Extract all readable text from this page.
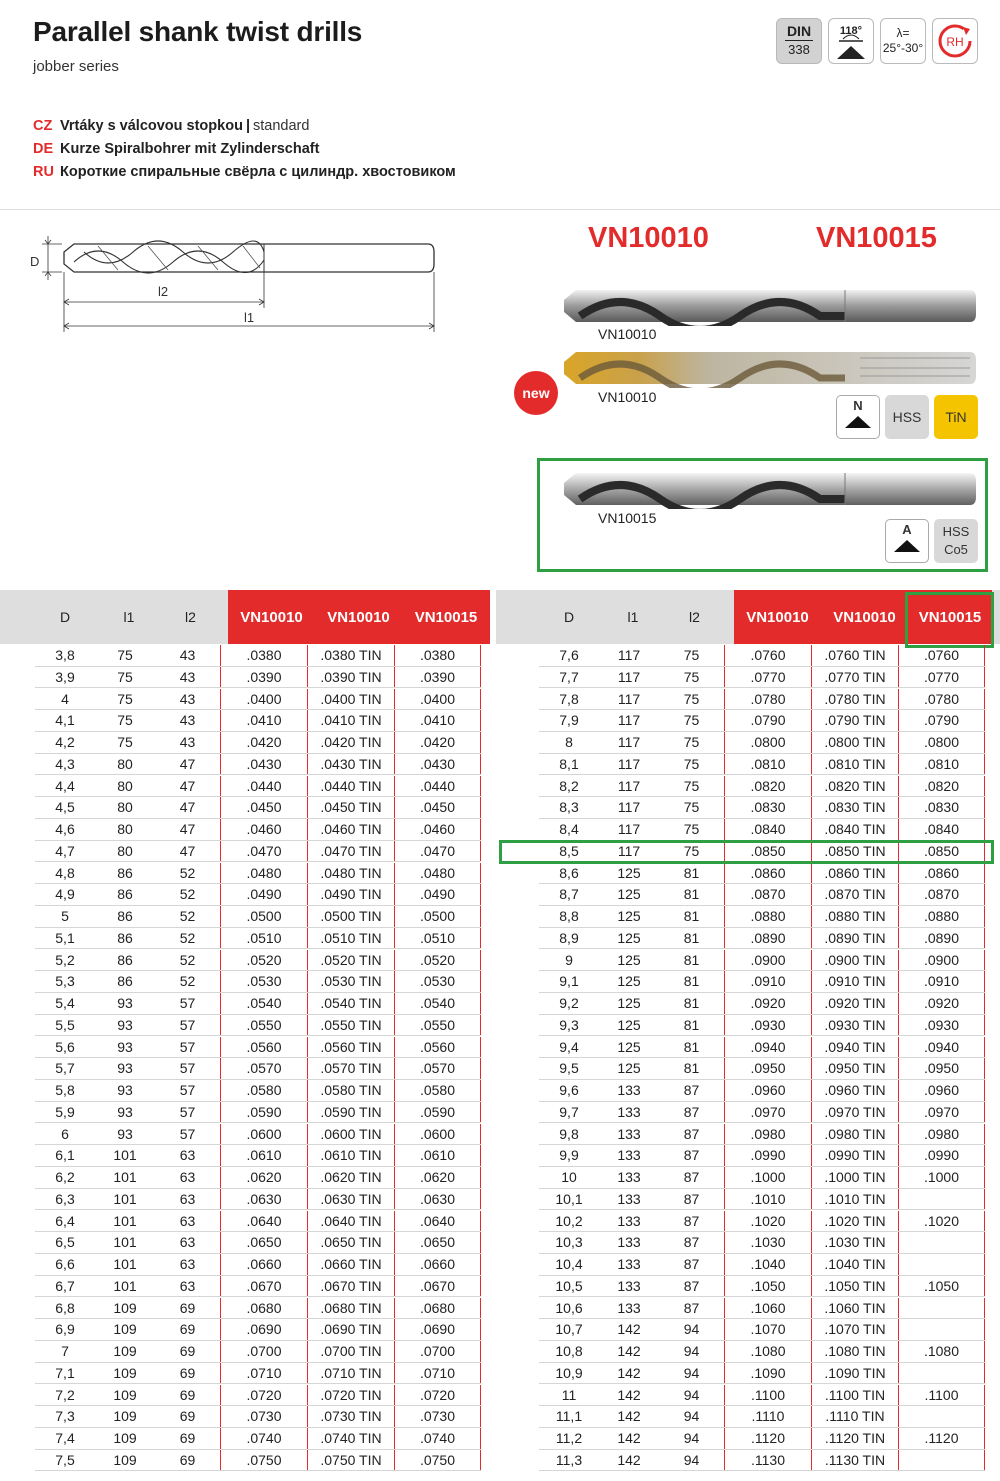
Parallel shank twist drills
jobber series
DIN
338
118°	λ=
25°-30° RH
CZ Vrtáky s válcovou stopkou | standard
DE Kurze Spiralbohrer mit Zylinderschaft
RU Короткие спиральные свёрла с цилиндр. хвостовиком
D
l2
l1
VN10010	VN10015
VN10010
VN10010
new
N
HSS	TiN
VN10015
A HSS
Co5
D	l1	l2	VN10010	VN10010	VN10015	D	l1	l2	VN10010	VN10010	VN10015
3,8	75	43	.0380	.0380 TIN	.0380
3,9	75	43	.0390	.0390 TIN	.0390
4	75	43	.0400	.0400 TIN	.0400
4,1	75	43	.0410	.0410 TIN	.0410
4,2	75	43	.0420	.0420 TIN	.0420
4,3	80	47	.0430	.0430 TIN	.0430
4,4	80	47	.0440	.0440 TIN	.0440
4,5	80	47	.0450	.0450 TIN	.0450
4,6	80	47	.0460	.0460 TIN	.0460
4,7	80	47	.0470	.0470 TIN	.0470
4,8	86	52	.0480	.0480 TIN	.0480
4,9	86	52	.0490	.0490 TIN	.0490
5	86	52	.0500	.0500 TIN	.0500
5,1	86	52	.0510	.0510 TIN	.0510
5,2	86	52	.0520	.0520 TIN	.0520
5,3	86	52	.0530	.0530 TIN	.0530
5,4	93	57	.0540	.0540 TIN	.0540
5,5	93	57	.0550	.0550 TIN	.0550
5,6	93	57	.0560	.0560 TIN	.0560
5,7	93	57	.0570	.0570 TIN	.0570
5,8	93	57	.0580	.0580 TIN	.0580
5,9	93	57	.0590	.0590 TIN	.0590
6	93	57	.0600	.0600 TIN	.0600
6,1	101	63	.0610	.0610 TIN	.0610
6,2	101	63	.0620	.0620 TIN	.0620
6,3	101	63	.0630	.0630 TIN	.0630
6,4	101	63	.0640	.0640 TIN	.0640
6,5	101	63	.0650	.0650 TIN	.0650
6,6	101	63	.0660	.0660 TIN	.0660
6,7	101	63	.0670	.0670 TIN	.0670
6,8	109	69	.0680	.0680 TIN	.0680
6,9	109	69	.0690	.0690 TIN	.0690
7	109	69	.0700	.0700 TIN	.0700
7,1	109	69	.0710	.0710 TIN	.0710
7,2	109	69	.0720	.0720 TIN	.0720
7,3	109	69	.0730	.0730 TIN	.0730
7,4	109	69	.0740	.0740 TIN	.0740
7,5	109	69	.0750	.0750 TIN	.0750
7,6	117	75	.0760	.0760 TIN	.0760
7,7	117	75	.0770	.0770 TIN	.0770
7,8	117	75	.0780	.0780 TIN	.0780
7,9	117	75	.0790	.0790 TIN	.0790
8	117	75	.0800	.0800 TIN	.0800
8,1	117	75	.0810	.0810 TIN	.0810
8,2	117	75	.0820	.0820 TIN	.0820
8,3	117	75	.0830	.0830 TIN	.0830
8,4	117	75	.0840	.0840 TIN	.0840
8,5	117	75	.0850	.0850 TIN	.0850
8,6	125	81	.0860	.0860 TIN	.0860
8,7	125	81	.0870	.0870 TIN	.0870
8,8	125	81	.0880	.0880 TIN	.0880
8,9	125	81	.0890	.0890 TIN	.0890
9	125	81	.0900	.0900 TIN	.0900
9,1	125	81	.0910	.0910 TIN	.0910
9,2	125	81	.0920	.0920 TIN	.0920
9,3	125	81	.0930	.0930 TIN	.0930
9,4	125	81	.0940	.0940 TIN	.0940
9,5	125	81	.0950	.0950 TIN	.0950
9,6	133	87	.0960	.0960 TIN	.0960
9,7	133	87	.0970	.0970 TIN	.0970
9,8	133	87	.0980	.0980 TIN	.0980
9,9	133	87	.0990	.0990 TIN	.0990
10	133	87	.1000	.1000 TIN	.1000
10,1	133	87	.1010	.1010 TIN
10,2	133	87	.1020	.1020 TIN	.1020
10,3	133	87	.1030	.1030 TIN
10,4	133	87	.1040	.1040 TIN
10,5	133	87	.1050	.1050 TIN	.1050
10,6	133	87	.1060	.1060 TIN
10,7	142	94	.1070	.1070 TIN
10,8	142	94	.1080	.1080 TIN	.1080
10,9	142	94	.1090	.1090 TIN
11	142	94	.1100	.1100 TIN	.1100
11,1	142	94	.1110	.1110 TIN
11,2	142	94	.1120	.1120 TIN	.1120
11,3	142	94	.1130	.1130 TIN
